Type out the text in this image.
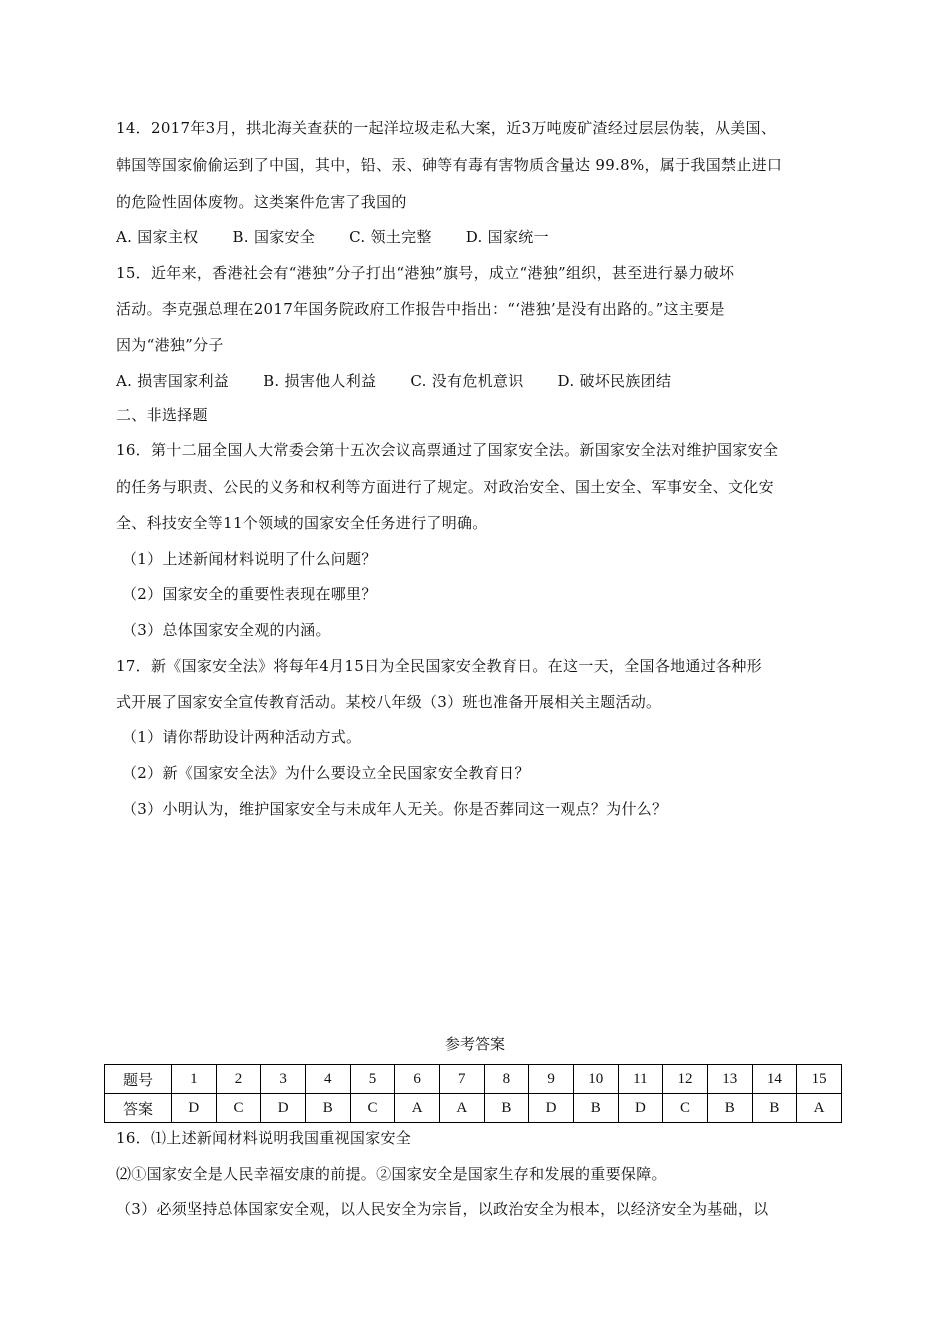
14．2017年3月，拱北海关查获的一起洋垃圾走私大案，近3万吨废矿渣经过层层伪装，从美国、
韩国等国家偷偷运到了中国，其中，铅、汞、砷等有毒有害物质含量达 99.8%，属于我国禁止进口
的危险性固体废物。这类案件危害了我国的
A. 国家主权 B. 国家安全 C. 领土完整 D. 国家统一
15．近年来，香港社会有“港独”分子打出“港独”旗号，成立“港独”组织，甚至进行暴力破坏
活动。李克强总理在2017年国务院政府工作报告中指出：“‘港独’是没有出路的。”这主要是
因为“港独”分子
A. 损害国家利益 B. 损害他人利益 C. 没有危机意识 D. 破坏民族团结
二、非选择题
16．第十二届全国人大常委会第十五次会议高票通过了国家安全法。新国家安全法对维护国家安全
的任务与职责、公民的义务和权利等方面进行了规定。对政治安全、国土安全、军事安全、文化安
全、科技安全等11个领域的国家安全任务进行了明确。
（1）上述新闻材料说明了什么问题？
（2）国家安全的重要性表现在哪里？
（3）总体国家安全观的内涵。
17．新《国家安全法》将每年4月15日为全民国家安全教育日。在这一天，全国各地通过各种形
式开展了国家安全宣传教育活动。某校八年级（3）班也准备开展相关主题活动。
（1）请你帮助设计两种活动方式。
（2）新《国家安全法》为什么要设立全民国家安全教育日？
（3）小明认为，维护国家安全与未成年人无关。你是否葬同这一观点？为什么？
参考答案
题号	1	2	3	4	5	6	7	8	9	10	11	12	13	14	15
答案	D	C	D	B	C	A	A	B	D	B	D	C	B	B	A
16．⑴上述新闻材料说明我国重视国家安全
⑵①国家安全是人民幸福安康的前提。②国家安全是国家生存和发展的重要保障。
（3）必须坚持总体国家安全观，以人民安全为宗旨，以政治安全为根本，以经济安全为基础，以
